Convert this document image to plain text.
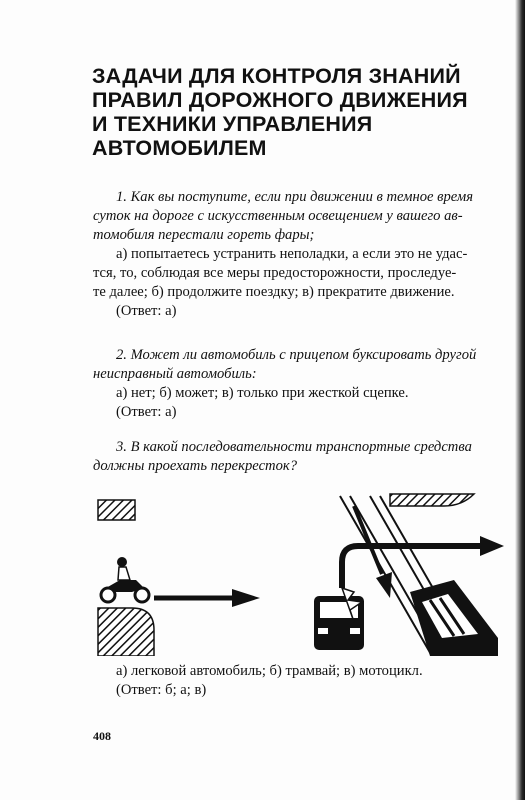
ЗАДАЧИ ДЛЯ КОНТРОЛЯ ЗНАНИЙ
ПРАВИЛ ДОРОЖНОГО ДВИЖЕНИЯ
И ТЕХНИКИ УПРАВЛЕНИЯ
АВТОМОБИЛЕМ
1. Как вы поступите, если при движении в темное время
суток на дороге с искусственным освещением у вашего ав-
томобиля перестали гореть фары;
а) попытаетесь устранить неполадки, а если это не удас-
тся, то, соблюдая все меры предосторожности, проследуе-
те далее; б) продолжите поездку; в) прекратите движение.
(Ответ: а)
2. Может ли автомобиль с прицепом буксировать другой
неисправный автомобиль:
а) нет; б) может; в) только при жесткой сцепке.
(Ответ: а)
3. В какой последовательности транспортные средства
должны проехать перекресток?
а) легковой автомобиль; б) трамвай; в) мотоцикл.
(Ответ: б; а; в)
408
